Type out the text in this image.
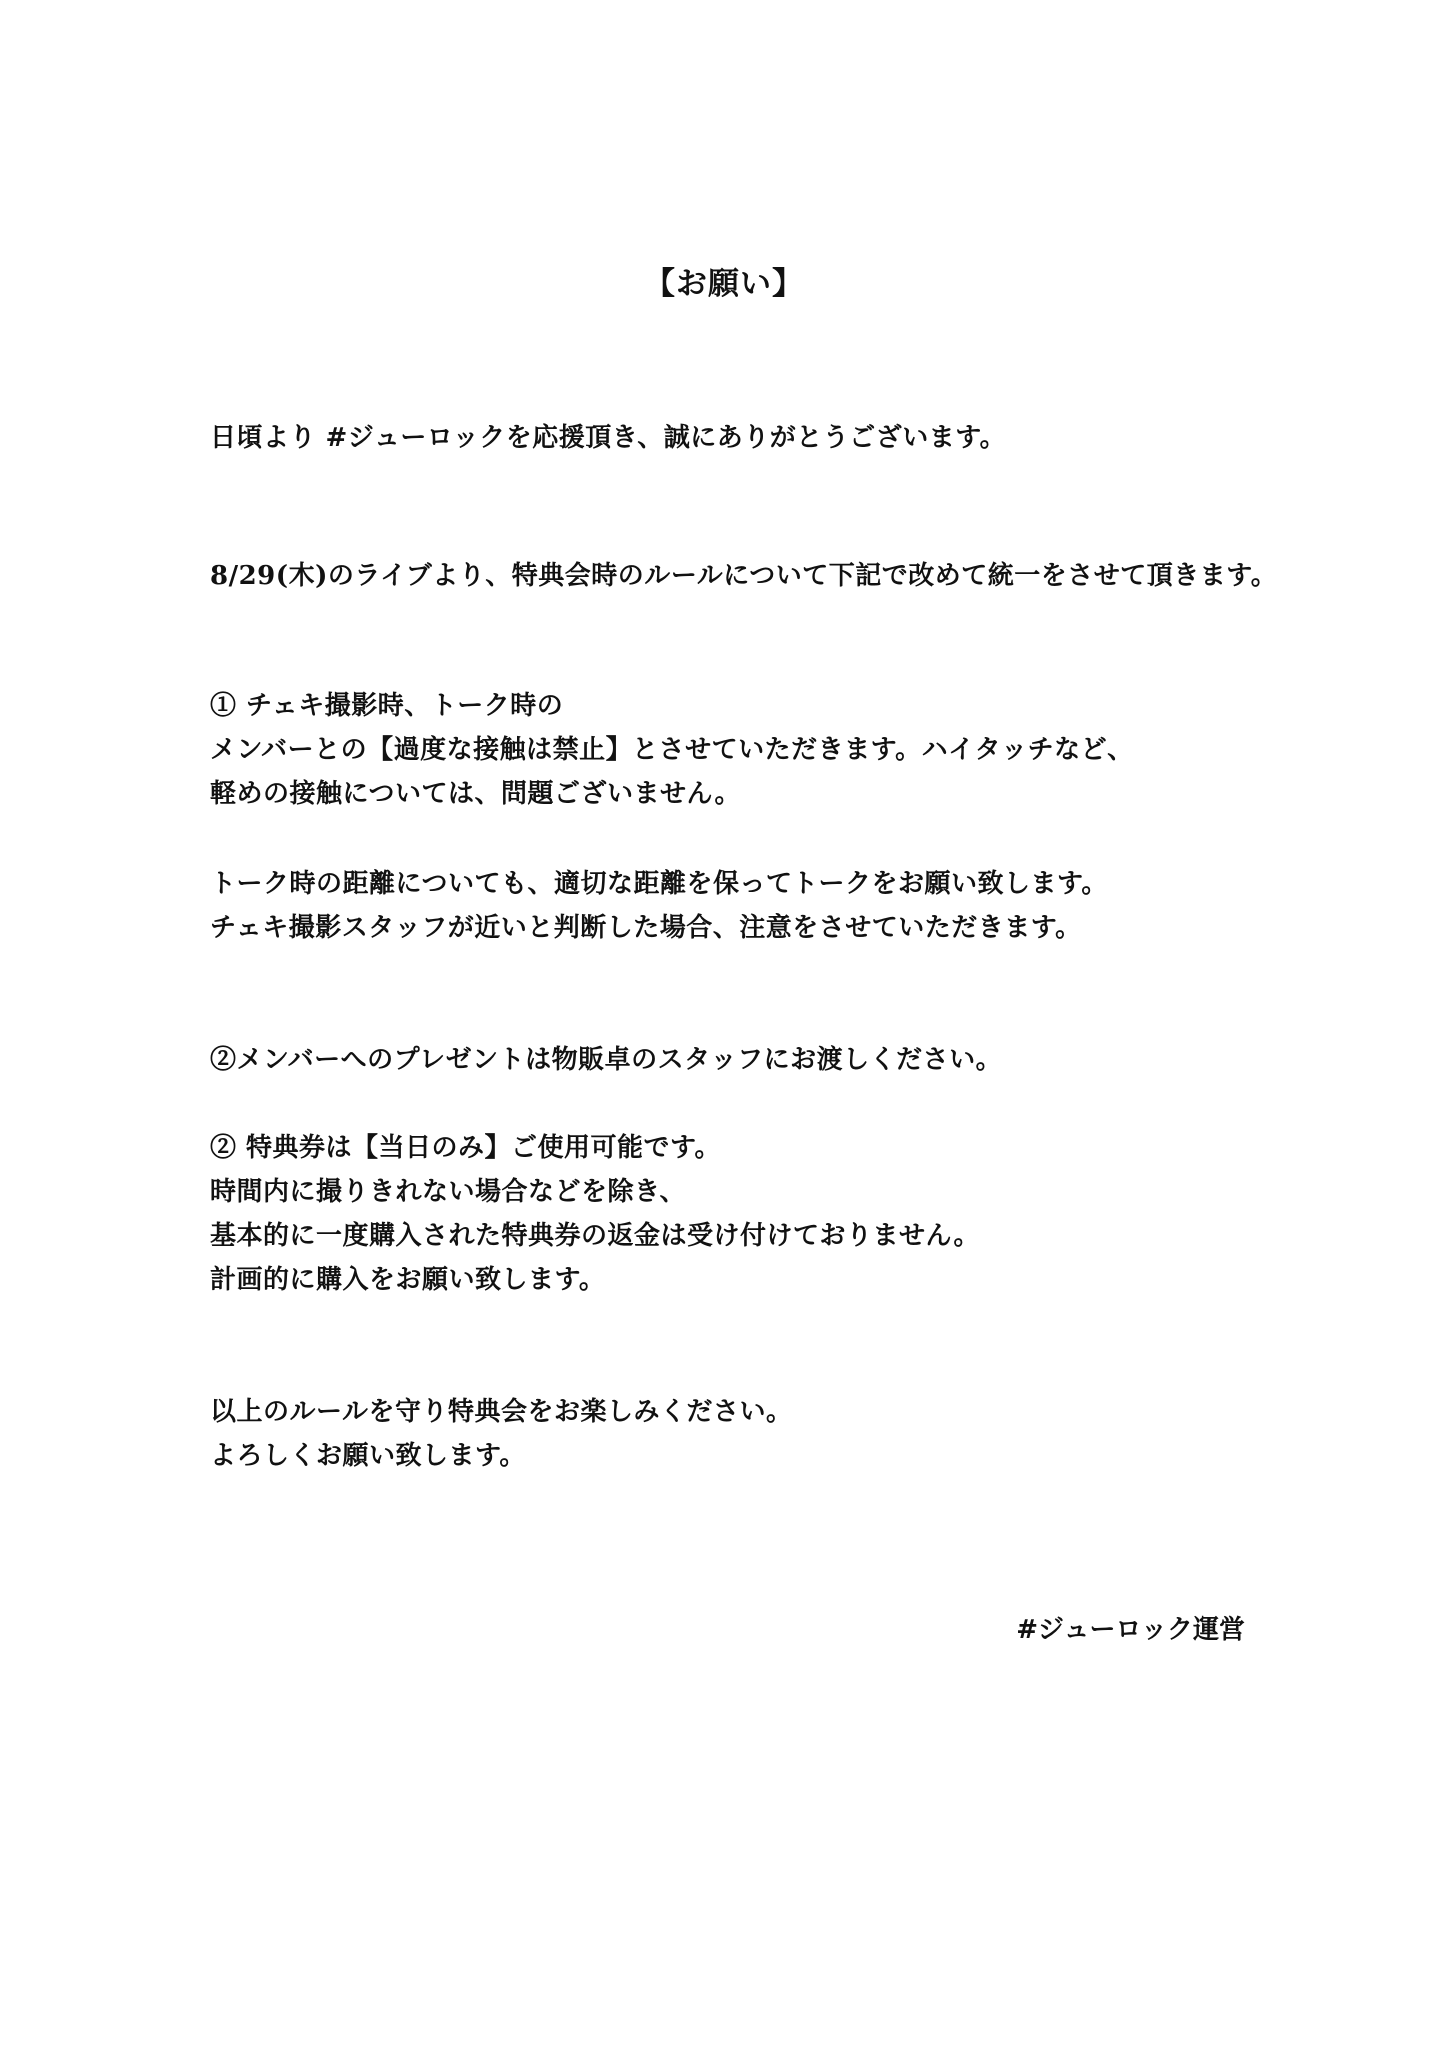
【お願い】
日頃より #ジューロックを応援頂き、誠にありがとうございます。
8/29(木)のライブより、特典会時のルールについて下記で改めて統一をさせて頂きます。
① チェキ撮影時、トーク時の
メンバーとの【過度な接触は禁止】とさせていただきます。ハイタッチなど、
軽めの接触については、問題ございません。
トーク時の距離についても、適切な距離を保ってトークをお願い致します。
チェキ撮影スタッフが近いと判断した場合、注意をさせていただきます。
②メンバーへのプレゼントは物販卓のスタッフにお渡しください。
② 特典券は【当日のみ】ご使用可能です。
時間内に撮りきれない場合などを除き、
基本的に一度購入された特典券の返金は受け付けておりません。
計画的に購入をお願い致します。
以上のルールを守り特典会をお楽しみください。
よろしくお願い致します。
#ジューロック運営
